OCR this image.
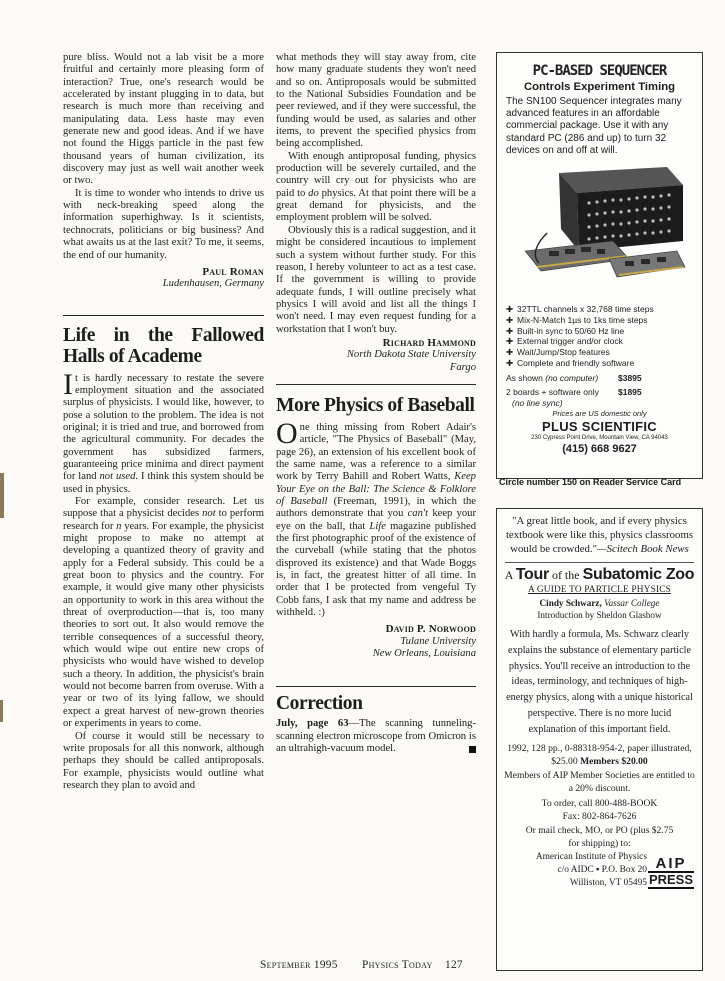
pure bliss. Would not a lab visit be a more fruitful and certainly more pleasing form of interaction? True, one's research would be accelerated by instant plugging in to data, but research is much more than receiving and manipulating data. Less haste may even generate new and good ideas. And if we have not found the Higgs particle in the past few thousand years of human civilization, its discovery may just as well wait another week or two.

It is time to wonder who intends to drive us with neck-breaking speed along the information superhighway. Is it scientists, technocrats, politicians or big business? And what awaits us at the last exit? To me, it seems, the end of our humanity.

Paul Roman
Ludenhausen, Germany
Life in the Fallowed Halls of Academe

It is hardly necessary to restate the severe employment situation and the associated surplus of physicists. I would like, however, to pose a solution to the problem. The idea is not original; it is tried and true, and borrowed from the agricultural community. For decades the government has subsidized farmers, guaranteeing price minima and direct payment for land not used. I think this system should be used in physics.

For example, consider research. Let us suppose that a physicist decides not to perform research for n years. For example, the physicist might propose to make no attempt at developing a quantized theory of gravity and apply for a Federal subsidy. This could be a great boon to physics and the country. For example, it would give many other physicists an opportunity to work in this area without the threat of overproduction—that is, too many theories to sort out. It also would remove the terrible consequences of a successful theory, which would wipe out entire new crops of physicists who would have wished to develop such a theory. In addition, the physicist's brain would not become barren from overuse. With a year or two of its lying fallow, we should expect a great harvest of new-grown theories or experiments in years to come.

Of course it would still be necessary to write proposals for all this nonwork, although perhaps they should be called antiproposals. For example, physicists would outline what research they plan to avoid and

what methods they will stay away from, cite how many graduate students they won't need and so on. Antiproposals would be submitted to the National Subsidies Foundation and be peer reviewed, and if they were successful, the funding would be used, as salaries and other items, to prevent the specified physics from being accomplished.

With enough antiproposal funding, physics production will be severely curtailed, and the country will cry out for physicists who are paid to do physics. At that point there will be a great demand for physicists, and the employment problem will be solved.

Obviously this is a radical suggestion, and it might be considered incautious to implement such a system without further study. For this reason, I hereby volunteer to act as a test case. If the government is willing to provide adequate funds, I will outline precisely what physics I will avoid and list all the things I won't need. I may even request funding for a workstation that I won't buy.

Richard Hammond
North Dakota State University
Fargo
More Physics of Baseball

One thing missing from Robert Adair's article, "The Physics of Baseball" (May, page 26), an extension of his excellent book of the same name, was a reference to a similar work by Terry Bahill and Robert Watts, Keep Your Eye on the Ball: The Science & Folklore of Baseball (Freeman, 1991), in which the authors demonstrate that you can't keep your eye on the ball, that Life magazine published the first photographic proof of the existence of the curveball (while stating that the photos disproved its existence) and that Wade Boggs is, in fact, the greatest hitter of all time. In order that I be protected from vengeful Ty Cobb fans, I ask that my name and address be withheld. :)

David P. Norwood
Tulane University
New Orleans, Louisiana
Correction

July, page 63—The scanning tunneling-scanning electron microscope from Omicron is an ultrahigh-vacuum model.

PC-BASED SEQUENCER
Controls Experiment Timing
The SN100 Sequencer integrates many advanced features in an affordable commercial package. Use it with any standard PC (286 and up) to turn 32 devices on and off at will.
✚ 32TTL channels x 32,768 time steps
✚ Mix-N-Match 1µs to 1ks time steps
✚ Built-in sync to 50/60 Hz line
✚ External trigger and/or clock
✚ Wait/Jump/Stop features
✚ Complete and friendly software
As shown (no computer)	$3895
2 boards + software only	$1895
(no line sync)
Prices are US domestic only
PLUS SCIENTIFIC
230 Cypress Point Drive, Mountain View, CA 94043
(415) 668 9627
Circle number 150 on Reader Service Card
"A great little book, and if every physics textbook were like this, physics classrooms would be crowded."—Scitech Book News
A Tour of the Subatomic Zoo
A GUIDE TO PARTICLE PHYSICS
Cindy Schwarz, Vassar College
Introduction by Sheldon Glashow
With hardly a formula, Ms. Schwarz clearly explains the substance of elementary particle physics. You'll receive an introduction to the ideas, terminology, and techniques of high-energy physics, along with a unique historical perspective. There is no more lucid explanation of this important field.
1992, 128 pp., 0-88318-954-2, paper illustrated, $25.00 Members $20.00
Members of AIP Member Societies are entitled to a 20% discount.
To order, call 800-488-BOOK
Fax: 802-864-7626
Or mail check, MO, or PO (plus $2.75 for shipping) to:
American Institute of Physics
c/o AIDC ▪ P.O. Box 20
Williston, VT 05495
AIP
PRESS
September 1995 Physics Today 127
